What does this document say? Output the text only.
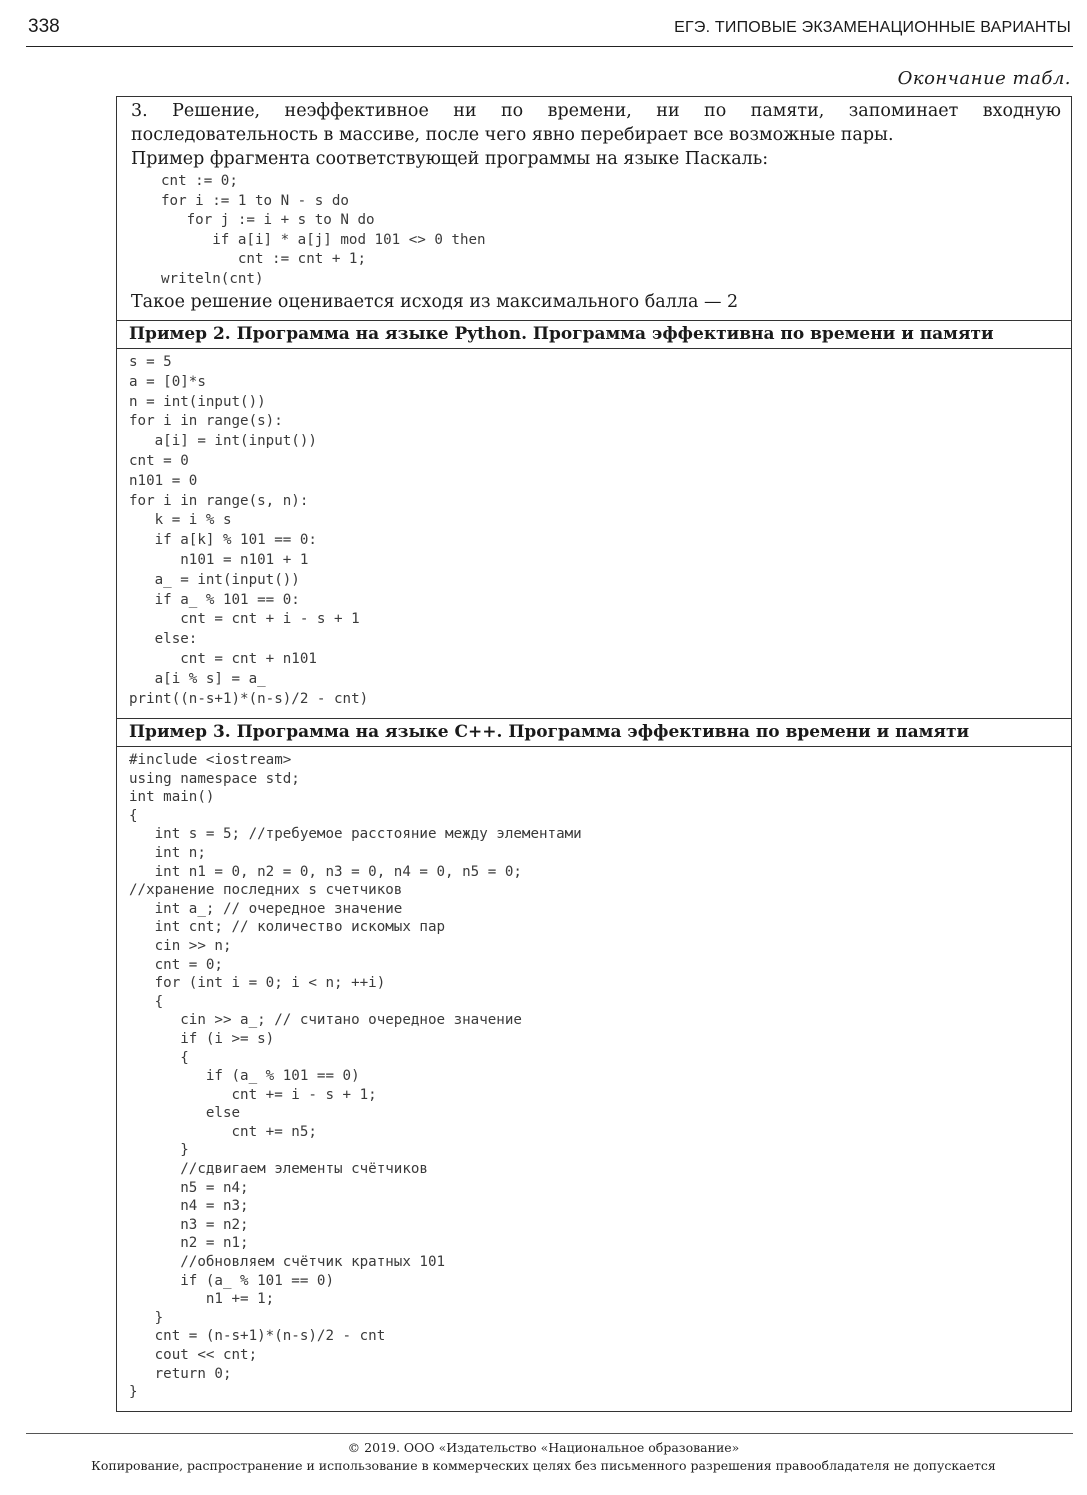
338	ЕГЭ. ТИПОВЫЕ ЭКЗАМЕНАЦИОННЫЕ ВАРИАНТЫ
Окончание табл.

3. Решение, неэффективное ни по времени, ни по памяти, запоминает входную
последовательность в массиве, после чего явно перебирает все возможные пары.
Пример фрагмента соответствующей программы на языке Паскаль:

cnt := 0;
for i := 1 to N - s do
for j := i + s to N do
if a[i] * a[j] mod 101 <> 0 then
cnt := cnt + 1;
writeln(cnt)

Такое решение оценивается исходя из максимального балла — 2

Пример 2. Программа на языке Python. Программа эффективна по времени и памяти
s = 5
a = [0]*s
n = int(input())
for i in range(s):
a[i] = int(input())
cnt = 0
n101 = 0
for i in range(s, n):
k = i % s
if a[k] % 101 == 0:
n101 = n101 + 1
a_ = int(input())
if a_ % 101 == 0:
cnt = cnt + i - s + 1
else:
cnt = cnt + n101
a[i % s] = a_
print((n-s+1)*(n-s)/2 - cnt)
Пример 3. Программа на языке C++. Программа эффективна по времени и памяти
#include <iostream>
using namespace std;
int main()
{
int s = 5; //требуемое расстояние между элементами
int n;
int n1 = 0, n2 = 0, n3 = 0, n4 = 0, n5 = 0;
//хранение последних s счетчиков
int a_; // очередное значение
int cnt; // количество искомых пар
cin >> n;
cnt = 0;
for (int i = 0; i < n; ++i)
{
cin >> a_; // считано очередное значение
if (i >= s)
{
if (a_ % 101 == 0)
cnt += i - s + 1;
else
cnt += n5;
}
//сдвигаем элементы счётчиков
n5 = n4;
n4 = n3;
n3 = n2;
n2 = n1;
//обновляем счётчик кратных 101
if (a_ % 101 == 0)
n1 += 1;
}
cnt = (n-s+1)*(n-s)/2 - cnt
cout << cnt;
return 0;
}
© 2019. ООО «Издательство «Национальное образование»
Копирование, распространение и использование в коммерческих целях без письменного разрешения правообладателя не допускается
